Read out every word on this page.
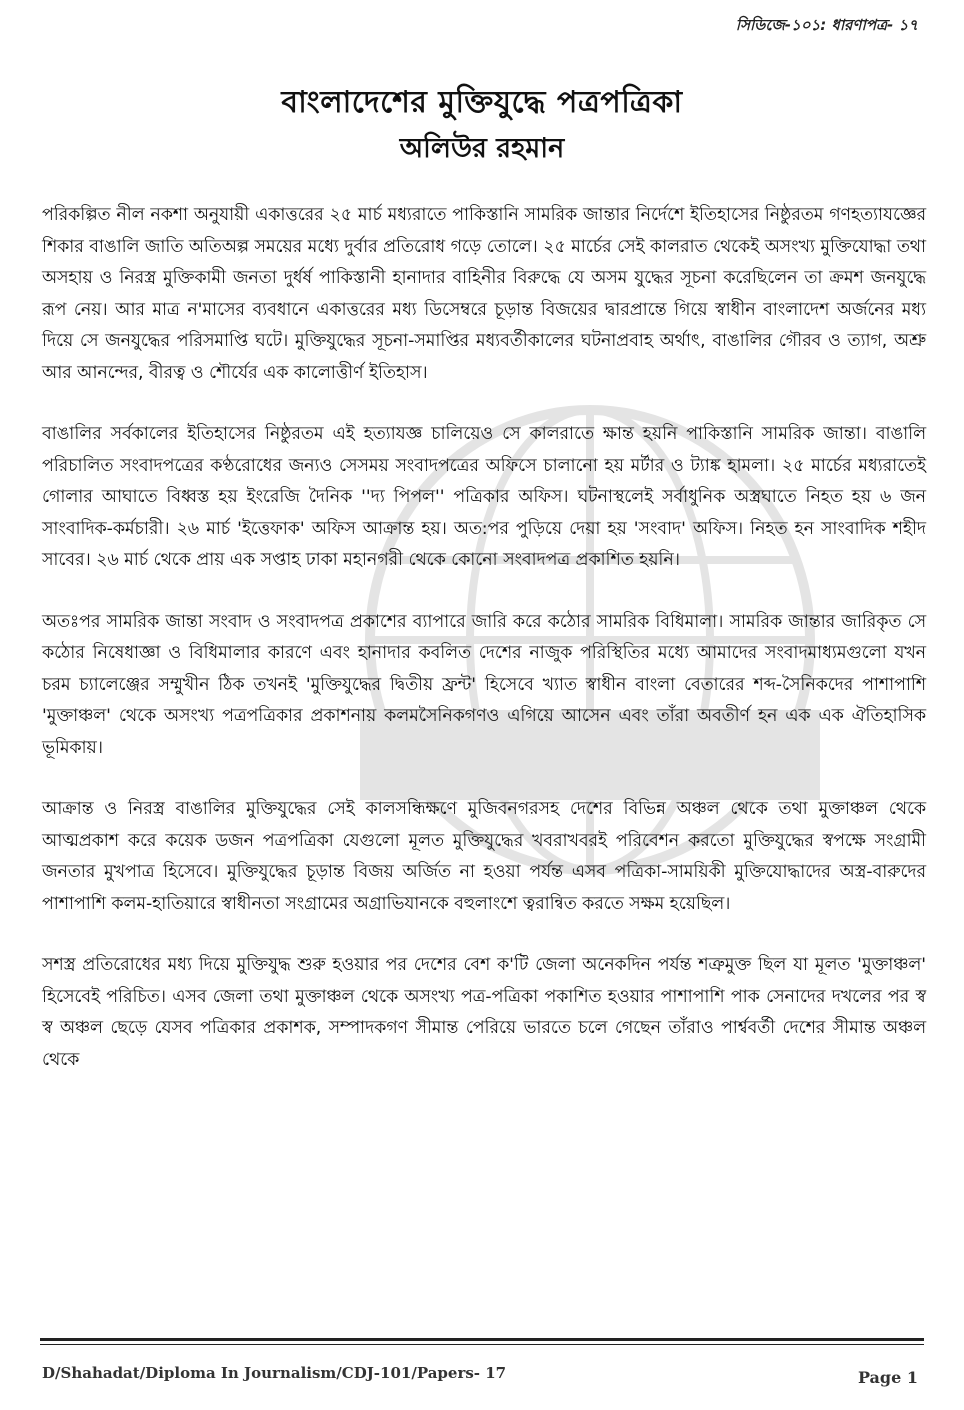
সিডিজে-১০১: ধারণাপত্র- ১৭
বাংলাদেশের মুক্তিযুদ্ধে পত্রপত্রিকা
অলিউর রহমান

পরিকল্পিত নীল নকশা অনুযায়ী একাত্তরের ২৫ মার্চ মধ্যরাতে পাকিস্তানি সামরিক জান্তার নির্দেশে ইতিহাসের নিষ্ঠুরতম গণহত্যাযজ্ঞের শিকার বাঙালি জাতি অতিঅল্প সময়ের মধ্যে দুর্বার প্রতিরোধ গড়ে তোলে। ২৫ মার্চের সেই কালরাত থেকেই অসংখ্য মুক্তিযোদ্ধা তথা অসহায় ও নিরস্ত্র মুক্তিকামী জনতা দুর্ধর্ষ পাকিস্তানী হানাদার বাহিনীর বিরুদ্ধে যে অসম যুদ্ধের সূচনা করেছিলেন তা ক্রমশ জনযুদ্ধে রূপ নেয়। আর মাত্র ন'মাসের ব্যবধানে একাত্তরের মধ্য ডিসেম্বরে চূড়ান্ত বিজয়ের দ্বারপ্রান্তে গিয়ে স্বাধীন বাংলাদেশ অর্জনের মধ্য দিয়ে সে জনযুদ্ধের পরিসমাপ্তি ঘটে। মুক্তিযুদ্ধের সূচনা-সমাপ্তির মধ্যবর্তীকালের ঘটনাপ্রবাহ অর্থাৎ, বাঙালির গৌরব ও ত্যাগ, অশ্রু আর আনন্দের, বীরত্ব ও শৌর্যের এক কালোত্তীর্ণ ইতিহাস।

বাঙালির সর্বকালের ইতিহাসের নিষ্ঠুরতম এই হত্যাযজ্ঞ চালিয়েও সে কালরাতে ক্ষান্ত হয়নি পাকিস্তানি সামরিক জান্তা। বাঙালি পরিচালিত সংবাদপত্রের কণ্ঠরোধের জন্যও সেসময় সংবাদপত্রের অফিসে চালানো হয় মর্টার ও ট্যাঙ্ক হামলা। ২৫ মার্চের মধ্যরাতেই গোলার আঘাতে বিধ্বস্ত হয় ইংরেজি দৈনিক ''দ্য পিপল'' পত্রিকার অফিস। ঘটনাস্থলেই সর্বাধুনিক অস্ত্রঘাতে নিহত হয় ৬ জন সাংবাদিক-কর্মচারী। ২৬ মার্চ 'ইত্তেফাক' অফিস আক্রান্ত হয়। অত:পর পুড়িয়ে দেয়া হয় 'সংবাদ' অফিস। নিহত হন সাংবাদিক শহীদ সাবের। ২৬ মার্চ থেকে প্রায় এক সপ্তাহ ঢাকা মহানগরী থেকে কোনো সংবাদপত্র প্রকাশিত হয়নি।

অতঃপর সামরিক জান্তা সংবাদ ও সংবাদপত্র প্রকাশের ব্যাপারে জারি করে কঠোর সামরিক বিধিমালা। সামরিক জান্তার জারিকৃত সে কঠোর নিষেধাজ্ঞা ও বিধিমালার কারণে এবং হানাদার কবলিত দেশের নাজুক পরিস্থিতির মধ্যে আমাদের সংবাদমাধ্যমগুলো যখন চরম চ্যালেঞ্জের সম্মুখীন ঠিক তখনই 'মুক্তিযুদ্ধের দ্বিতীয় ফ্রন্ট' হিসেবে খ্যাত স্বাধীন বাংলা বেতারের শব্দ-সৈনিকদের পাশাপাশি 'মুক্তাঞ্চল' থেকে অসংখ্য পত্রপত্রিকার প্রকাশনায় কলমসৈনিকগণও এগিয়ে আসেন এবং তাঁরা অবতীর্ণ হন এক এক ঐতিহাসিক ভূমিকায়।

আক্রান্ত ও নিরস্ত্র বাঙালির মুক্তিযুদ্ধের সেই কালসন্ধিক্ষণে মুজিবনগরসহ দেশের বিভিন্ন অঞ্চল থেকে তথা মুক্তাঞ্চল থেকে আত্মপ্রকাশ করে কয়েক ডজন পত্রপত্রিকা যেগুলো মূলত মুক্তিযুদ্ধের খবরাখবরই পরিবেশন করতো মুক্তিযুদ্ধের স্বপক্ষে সংগ্রামী জনতার মুখপাত্র হিসেবে। মুক্তিযুদ্ধের চূড়ান্ত বিজয় অর্জিত না হওয়া পর্যন্ত এসব পত্রিকা-সাময়িকী মুক্তিযোদ্ধাদের অস্ত্র-বারুদের পাশাপাশি কলম-হাতিয়ারে স্বাধীনতা সংগ্রামের অগ্রাভিযানকে বহুলাংশে ত্বরান্বিত করতে সক্ষম হয়েছিল।

সশস্ত্র প্রতিরোধের মধ্য দিয়ে মুক্তিযুদ্ধ শুরু হওয়ার পর দেশের বেশ ক'টি জেলা অনেকদিন পর্যন্ত শত্রুমুক্ত ছিল যা মূলত 'মুক্তাঞ্চল' হিসেবেই পরিচিত। এসব জেলা তথা মুক্তাঞ্চল থেকে অসংখ্য পত্র-পত্রিকা পকাশিত হওয়ার পাশাপাশি পাক সেনাদের দখলের পর স্ব স্ব অঞ্চল ছেড়ে যেসব পত্রিকার প্রকাশক, সম্পাদকগণ সীমান্ত পেরিয়ে ভারতে চলে গেছেন তাঁরাও পার্শ্ববর্তী দেশের সীমান্ত অঞ্চল থেকে

D/Shahadat/Diploma In Journalism/CDJ-101/Papers- 17	Page 1
